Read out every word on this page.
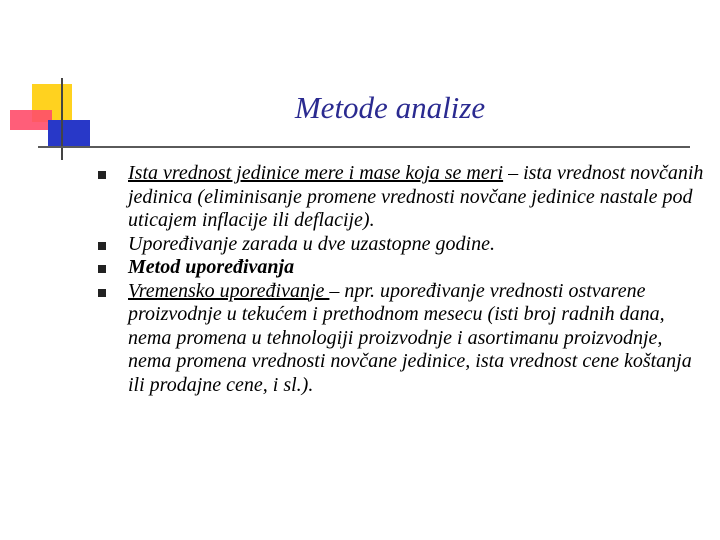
Metode analize
Ista vrednost jedinice mere i mase koja se meri – ista vrednost novčanih jedinica (eliminisanje promene vrednosti novčane jedinice nastale pod uticajem inflacije ili deflacije).
Upoređivanje zarada u dve uzastopne godine.
Metod upoređivanja
Vremensko upoređivanje – npr. upoređivanje vrednosti ostvarene proizvodnje u tekućem i prethodnom mesecu (isti broj radnih dana, nema promena u tehnologiji proizvodnje i asortimanu proizvodnje, nema promena vrednosti novčane jedinice, ista vrednost cene koštanja ili prodajne cene, i sl.).
